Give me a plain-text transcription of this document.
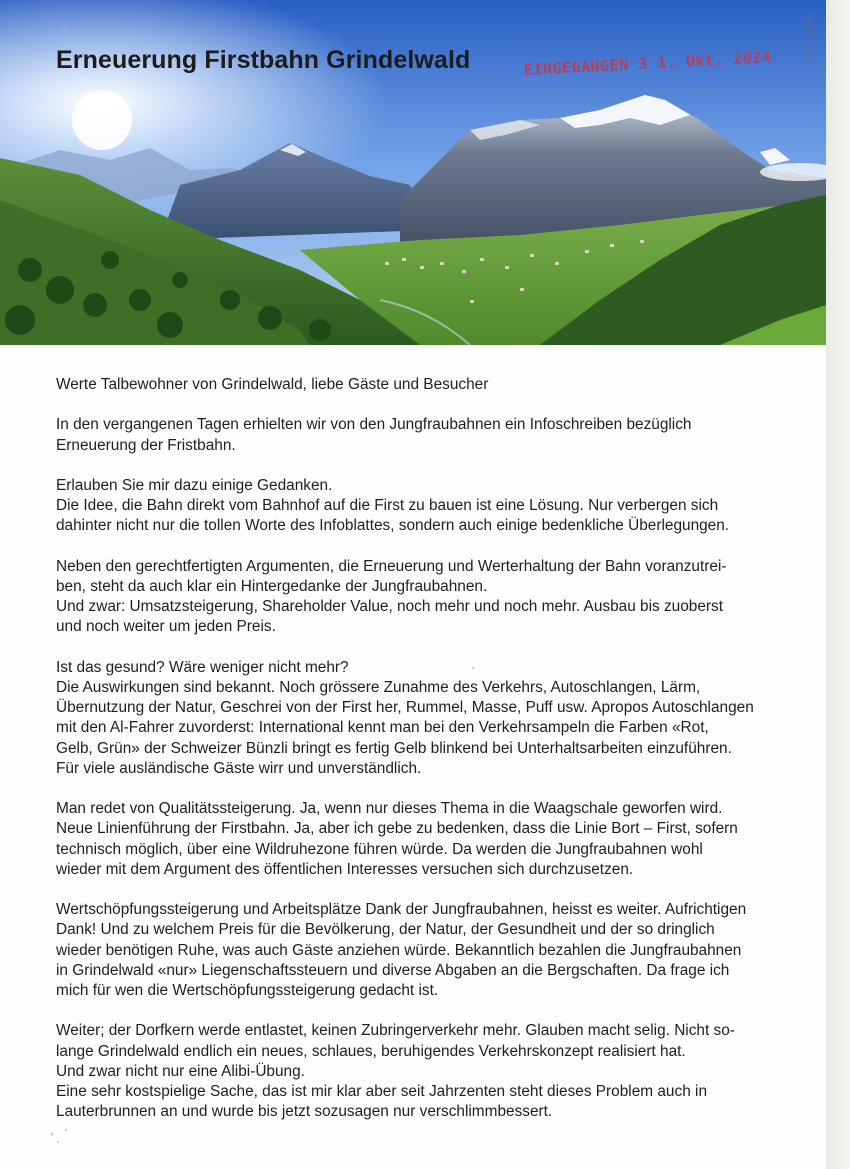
Erneuerung Firstbahn Grindelwald	EINGEGANGEN 3 1. Okt. 2024
Foto: Unsplash

Werte Talbewohner von Grindelwald, liebe Gäste und Besucher

In den vergangenen Tagen erhielten wir von den Jungfraubahnen ein Infoschreiben bezüglich
Erneuerung der Fristbahn.

Erlauben Sie mir dazu einige Gedanken.
Die Idee, die Bahn direkt vom Bahnhof auf die First zu bauen ist eine Lösung. Nur verbergen sich
dahinter nicht nur die tollen Worte des Infoblattes, sondern auch einige bedenkliche Überlegungen.

Neben den gerechtfertigten Argumenten, die Erneuerung und Werterhaltung der Bahn voranzutrei-
ben, steht da auch klar ein Hintergedanke der Jungfraubahnen.
Und zwar: Umsatzsteigerung, Shareholder Value, noch mehr und noch mehr. Ausbau bis zuoberst
und noch weiter um jeden Preis.

Ist das gesund? Wäre weniger nicht mehr?
Die Auswirkungen sind bekannt. Noch grössere Zunahme des Verkehrs, Autoschlangen, Lärm,
Übernutzung der Natur, Geschrei von der First her, Rummel, Masse, Puff usw. Apropos Autoschlangen
mit den Al-Fahrer zuvorderst: International kennt man bei den Verkehrsampeln die Farben «Rot,
Gelb, Grün» der Schweizer Bünzli bringt es fertig Gelb blinkend bei Unterhaltsarbeiten einzuführen.
Für viele ausländische Gäste wirr und unverständlich.

Man redet von Qualitätssteigerung. Ja, wenn nur dieses Thema in die Waagschale geworfen wird.
Neue Linienführung der Firstbahn. Ja, aber ich gebe zu bedenken, dass die Linie Bort – First, sofern
technisch möglich, über eine Wildruhezone führen würde. Da werden die Jungfraubahnen wohl
wieder mit dem Argument des öffentlichen Interesses versuchen sich durchzusetzen.

Wertschöpfungssteigerung und Arbeitsplätze Dank der Jungfraubahnen, heisst es weiter. Aufrichtigen
Dank! Und zu welchem Preis für die Bevölkerung, der Natur, der Gesundheit und der so dringlich
wieder benötigen Ruhe, was auch Gäste anziehen würde. Bekanntlich bezahlen die Jungfraubahnen
in Grindelwald «nur» Liegenschaftssteuern und diverse Abgaben an die Bergschaften. Da frage ich
mich für wen die Wertschöpfungssteigerung gedacht ist.

Weiter; der Dorfkern werde entlastet, keinen Zubringerverkehr mehr. Glauben macht selig. Nicht so-
lange Grindelwald endlich ein neues, schlaues, beruhigendes Verkehrskonzept realisiert hat.
Und zwar nicht nur eine Alibi-Übung.
Eine sehr kostspielige Sache, das ist mir klar aber seit Jahrzenten steht dieses Problem auch in
Lauterbrunnen an und wurde bis jetzt sozusagen nur verschlimmbessert.
